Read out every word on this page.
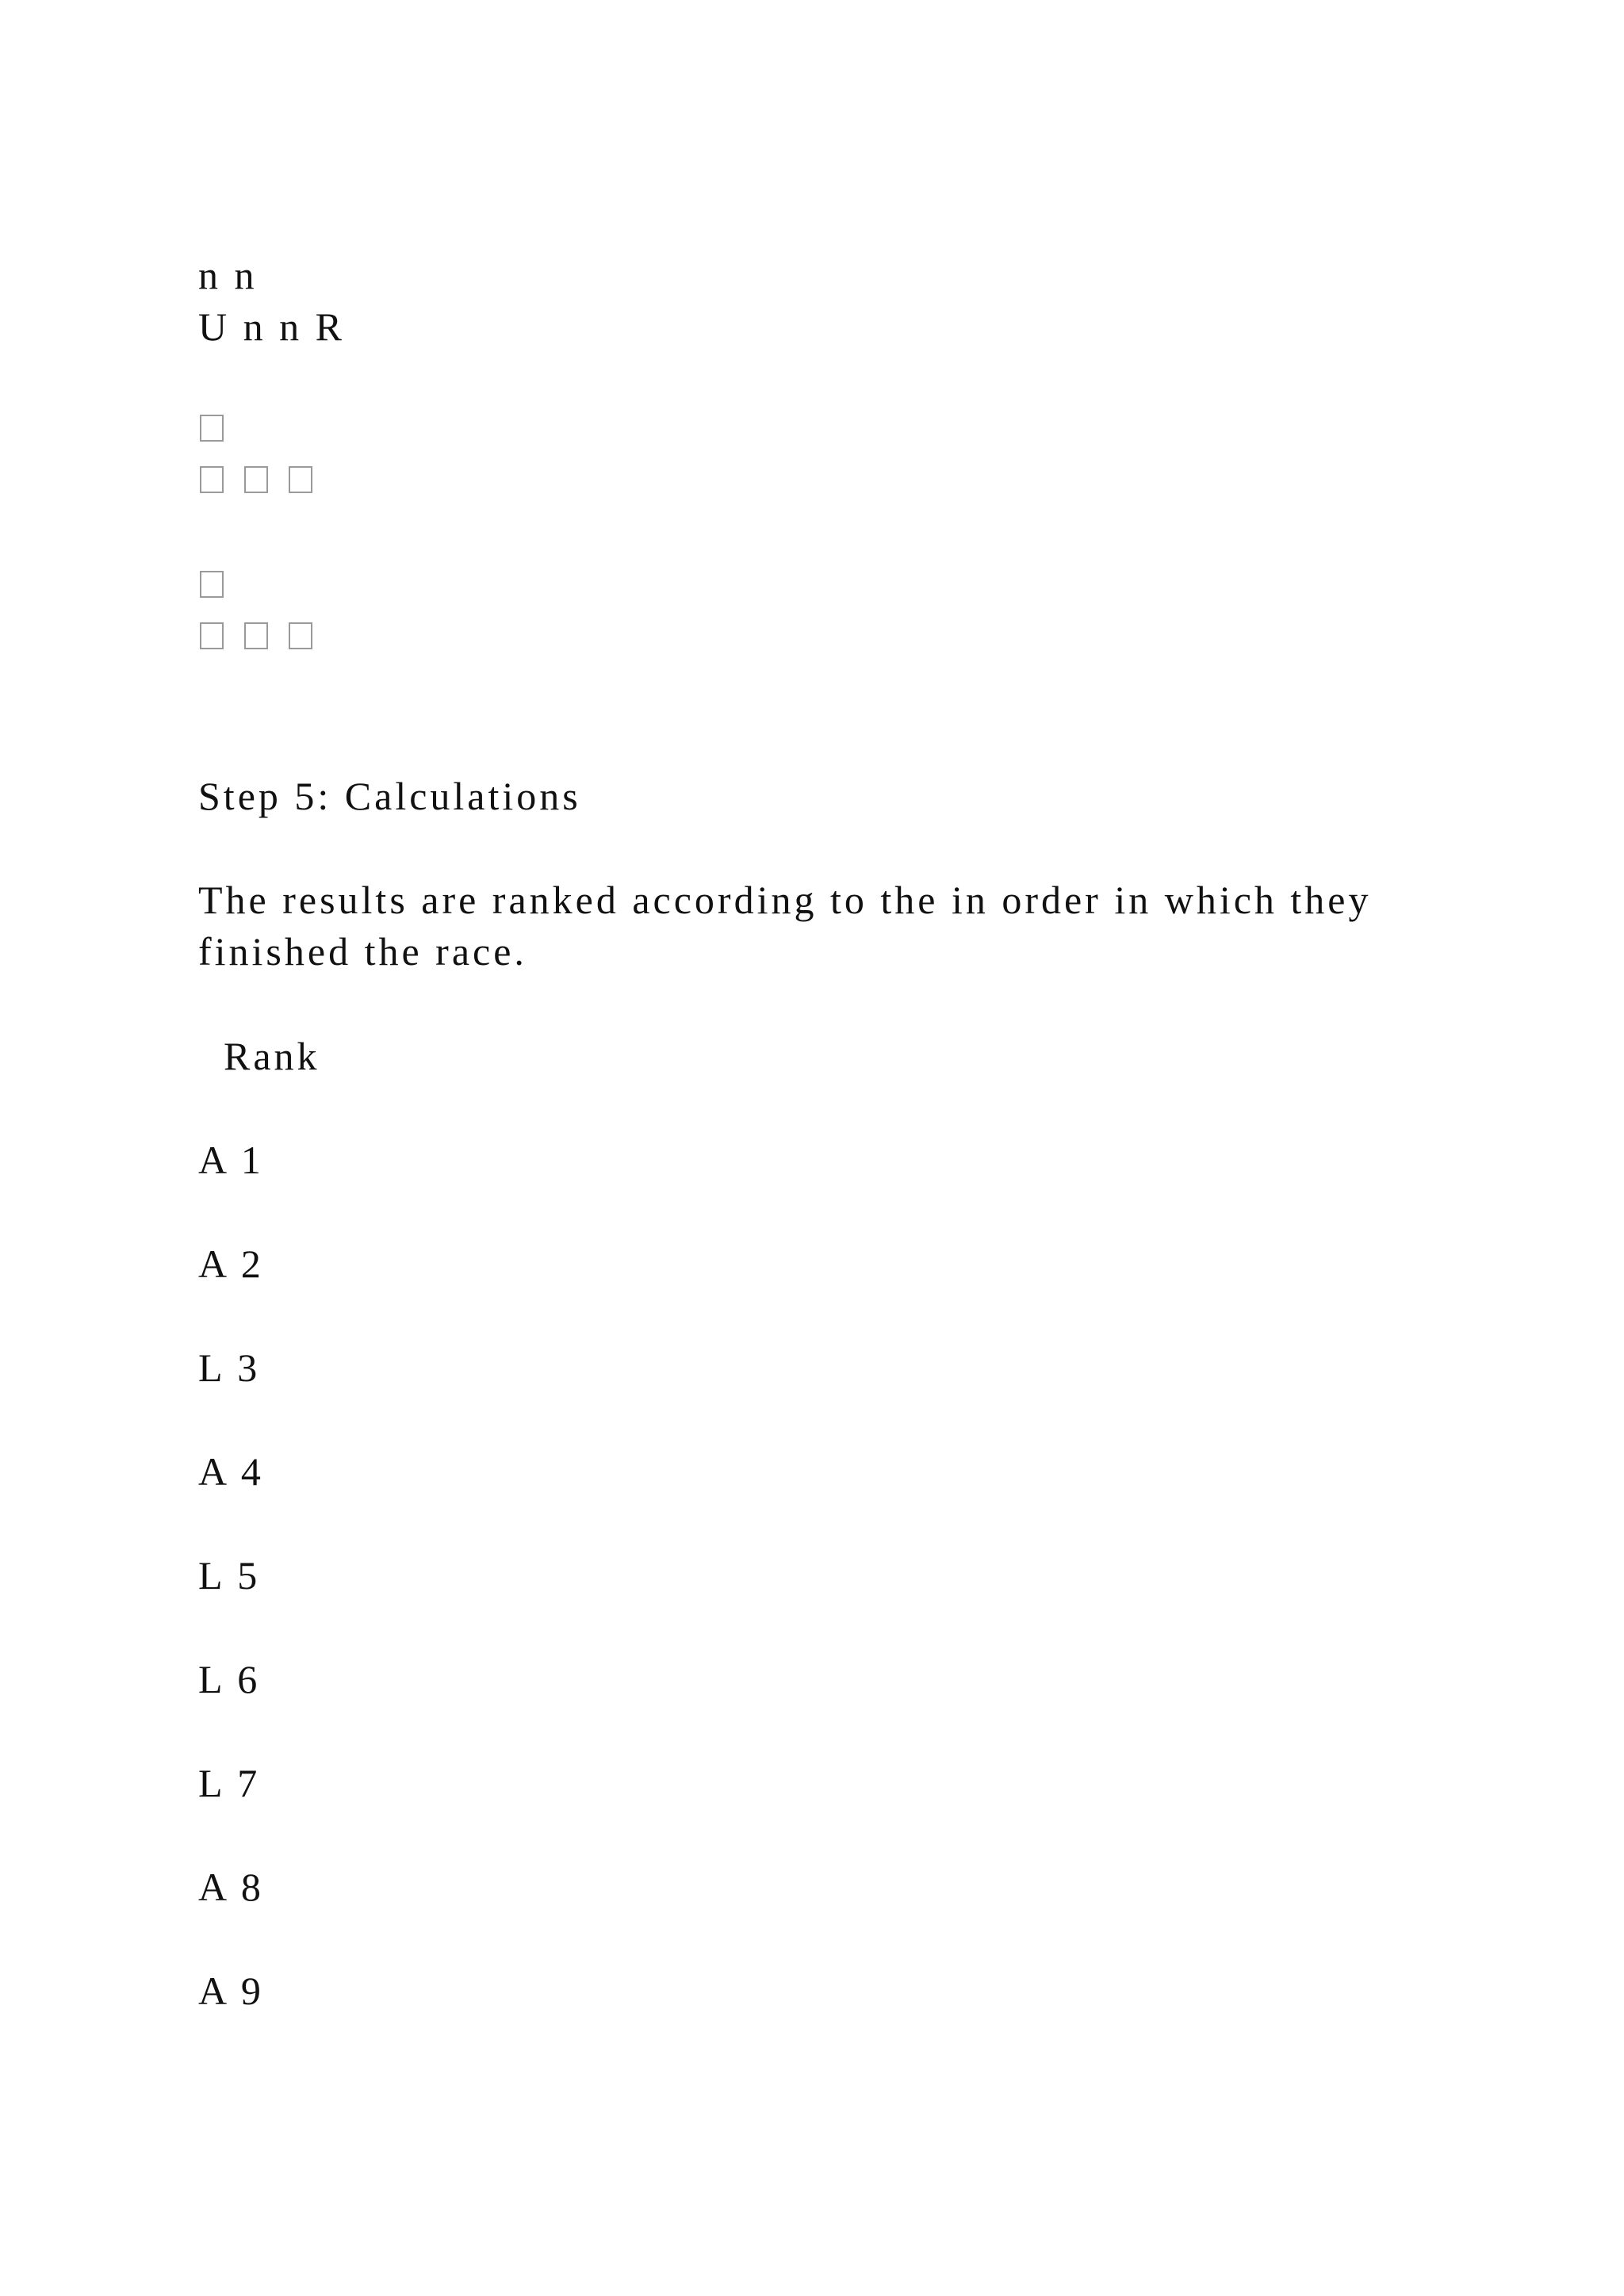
n n
U n n R
Step 5: Calculations
The results are ranked according to the in order in which they
finished the race.
Rank
A 1
A 2
L 3
A 4
L 5
L 6
L 7
A 8
A 9
